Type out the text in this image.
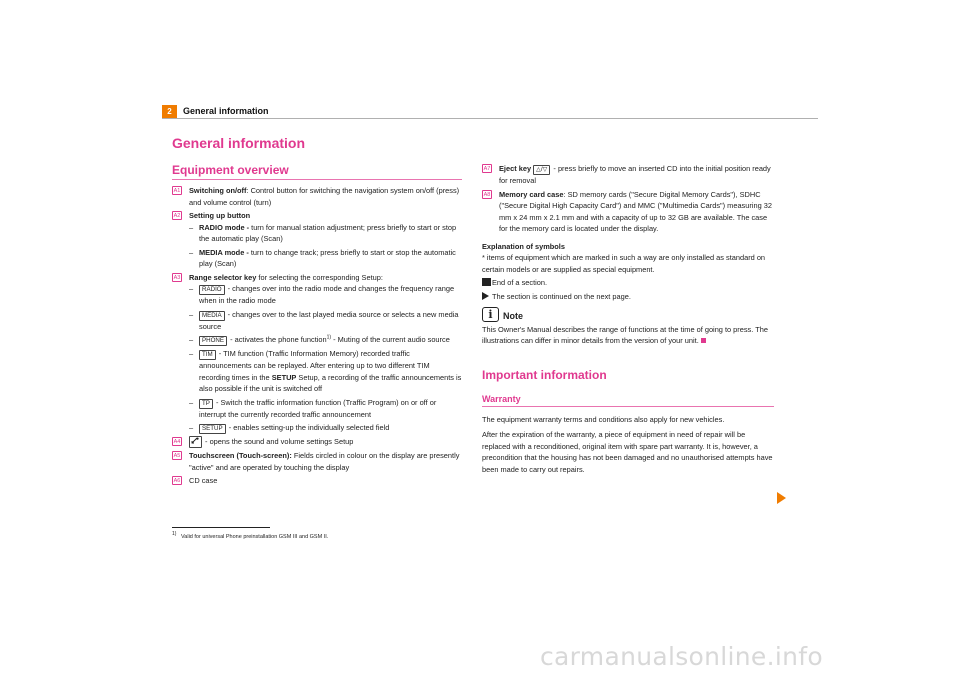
2	General information
General information
Equipment overview
A1 Switching on/off: Control button for switching the navigation system on/off (press) and volume control (turn)
A2 Setting up button
– RADIO mode - turn for manual station adjustment; press briefly to start or stop the automatic play (Scan)
– MEDIA mode - turn to change track; press briefly to start or stop the automatic play (Scan)
A3 Range selector key for selecting the corresponding Setup:
– RADIO - changes over into the radio mode and changes the frequency range when in the radio mode
– MEDIA - changes over to the last played media source or selects a new media source
– PHONE - activates the phone function$^{1)}$ - Muting of the current audio source
– TIM - TIM function (Traffic Information Memory) recorded traffic announcements can be replayed. After entering up to two different TIM recording times in the SETUP Setup, a recording of the traffic announcements is also possible if the unit is switched off
– TP - Switch the traffic information function (Traffic Program) on or off or interrupt the currently recorded traffic announcement
– SETUP - enables setting-up the individually selected field
A4	- opens the sound and volume settings Setup
A5 Touchscreen (Touch-screen): Fields circled in colour on the display are presently "active" and are operated by touching the display
A6 CD case
A7 Eject key △/▽ - press briefly to move an inserted CD into the initial position ready for removal
A8 Memory card case: SD memory cards ("Secure Digital Memory Cards"), SDHC ("Secure Digital High Capacity Card") and MMC ("Multimedia Cards") measuring 32 mm x 24 mm x 2.1 mm and with a capacity of up to 32 GB are available. The case for the memory card is located under the display.
Explanation of symbols
* items of equipment which are marked in such a way are only installed as standard on certain models or are supplied as special equipment.
End of a section.
The section is continued on the next page.
i	Note
This Owner's Manual describes the range of functions at the time of going to press. The illustrations can differ in minor details from the version of your unit.
Important information
Warranty
The equipment warranty terms and conditions also apply for new vehicles.
After the expiration of the warranty, a piece of equipment in need of repair will be replaced with a reconditioned, original item with spare part warranty. It is, however, a precondition that the housing has not been damaged and no unauthorised attempts have been made to carry out repairs.
1) Valid for universal Phone preinstallation GSM III and GSM II.
carmanualsonline.info
